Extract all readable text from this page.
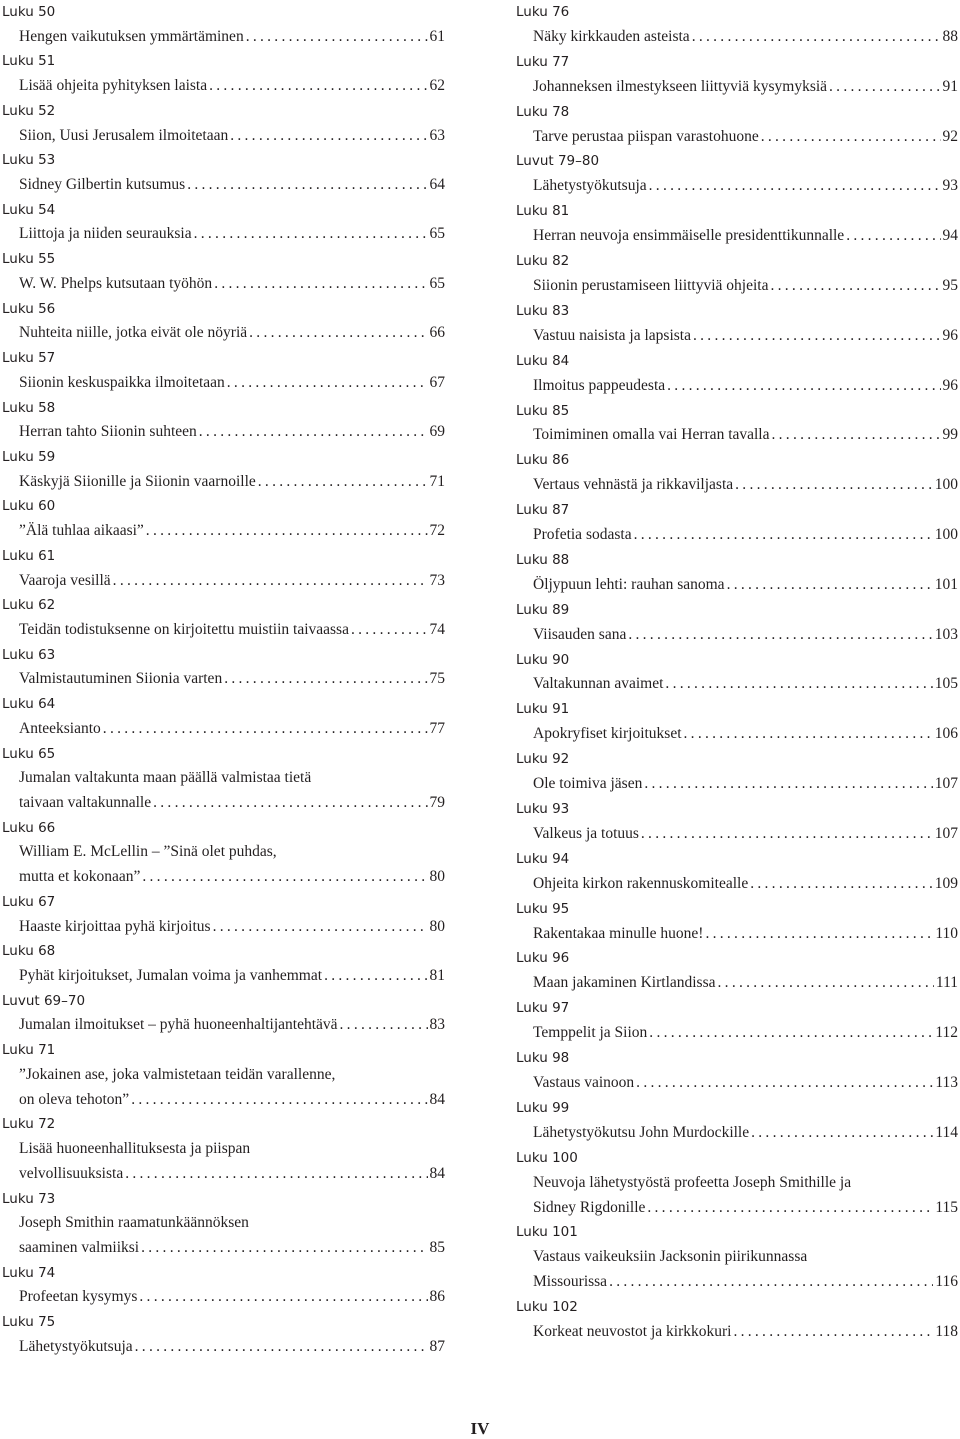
Luku 50
Hengen vaikutuksen ymmärtäminen . . .	61
Luku 51
Lisää ohjeita pyhityksen laista . . .	62
Luku 52
Siion, Uusi Jerusalem ilmoitetaan . . .	63
Luku 53
Sidney Gilbertin kutsumus . . .	64
Luku 54
Liittoja ja niiden seurauksia . . .	65
Luku 55
W. W. Phelps kutsutaan työhön . . .	65
Luku 56
Nuhteita niille, jotka eivät ole nöyriä . . .	66
Luku 57
Siionin keskuspaikka ilmoitetaan . . .	67
Luku 58
Herran tahto Siionin suhteen . . .	69
Luku 59
Käskyjä Siionille ja Siionin vaarnoille . . .	71
Luku 60
”Älä tuhlaa aikaasi” . . .	72
Luku 61
Vaaroja vesillä . . .	73
Luku 62
Teidän todistuksenne on kirjoitettu muistiin taivaassa . . .	74
Luku 63
Valmistautuminen Siionia varten . . .	75
Luku 64
Anteeksianto . . .	77
Luku 65
Jumalan valtakunta maan päällä valmistaa tietä
taivaan valtakunnalle . . .	79
Luku 66
William E. McLellin – ”Sinä olet puhdas,
mutta et kokonaan” . . .	80
Luku 67
Haaste kirjoittaa pyhä kirjoitus . . .	80
Luku 68
Pyhät kirjoitukset, Jumalan voima ja vanhemmat . . .	81
Luvut 69–70
Jumalan ilmoitukset – pyhä huoneenhaltijantehtävä . . .	83
Luku 71
”Jokainen ase, joka valmistetaan teidän varallenne,
on oleva tehoton” . . .	84
Luku 72
Lisää huoneenhallituksesta ja piispan
velvollisuuksista . . .	84
Luku 73
Joseph Smithin raamatunkäännöksen
saaminen valmiiksi . . .	85
Luku 74
Profeetan kysymys . . .	86
Luku 75
Lähetystyökutsuja . . .	87
Luku 76
Näky kirkkauden asteista . . .	88
Luku 77
Johanneksen ilmestykseen liittyviä kysymyksiä . . .	91
Luku 78
Tarve perustaa piispan varastohuone . . .	92
Luvut 79–80
Lähetystyökutsuja . . .	93
Luku 81
Herran neuvoja ensimmäiselle presidenttikunnalle . . .	94
Luku 82
Siionin perustamiseen liittyviä ohjeita . . .	95
Luku 83
Vastuu naisista ja lapsista . . .	96
Luku 84
Ilmoitus pappeudesta . . .	96
Luku 85
Toimiminen omalla vai Herran tavalla . . .	99
Luku 86
Vertaus vehnästä ja rikkaviljasta . . .	100
Luku 87
Profetia sodasta . . .	100
Luku 88
Öljypuun lehti: rauhan sanoma . . .	101
Luku 89
Viisauden sana . . .	103
Luku 90
Valtakunnan avaimet . . .	105
Luku 91
Apokryfiset kirjoitukset . . .	106
Luku 92
Ole toimiva jäsen . . .	107
Luku 93
Valkeus ja totuus . . .	107
Luku 94
Ohjeita kirkon rakennuskomitealle . . .	109
Luku 95
Rakentakaa minulle huone! . . .	110
Luku 96
Maan jakaminen Kirtlandissa . . .	111
Luku 97
Temppelit ja Siion . . .	112
Luku 98
Vastaus vainoon . . .	113
Luku 99
Lähetystyökutsu John Murdockille . . .	114
Luku 100
Neuvoja lähetystyöstä profeetta Joseph Smithille ja
Sidney Rigdonille . . .	115
Luku 101
Vastaus vaikeuksiin Jacksonin piirikunnassa
Missourissa . . .	116
Luku 102
Korkeat neuvostot ja kirkkokuri . . .	118
IV
